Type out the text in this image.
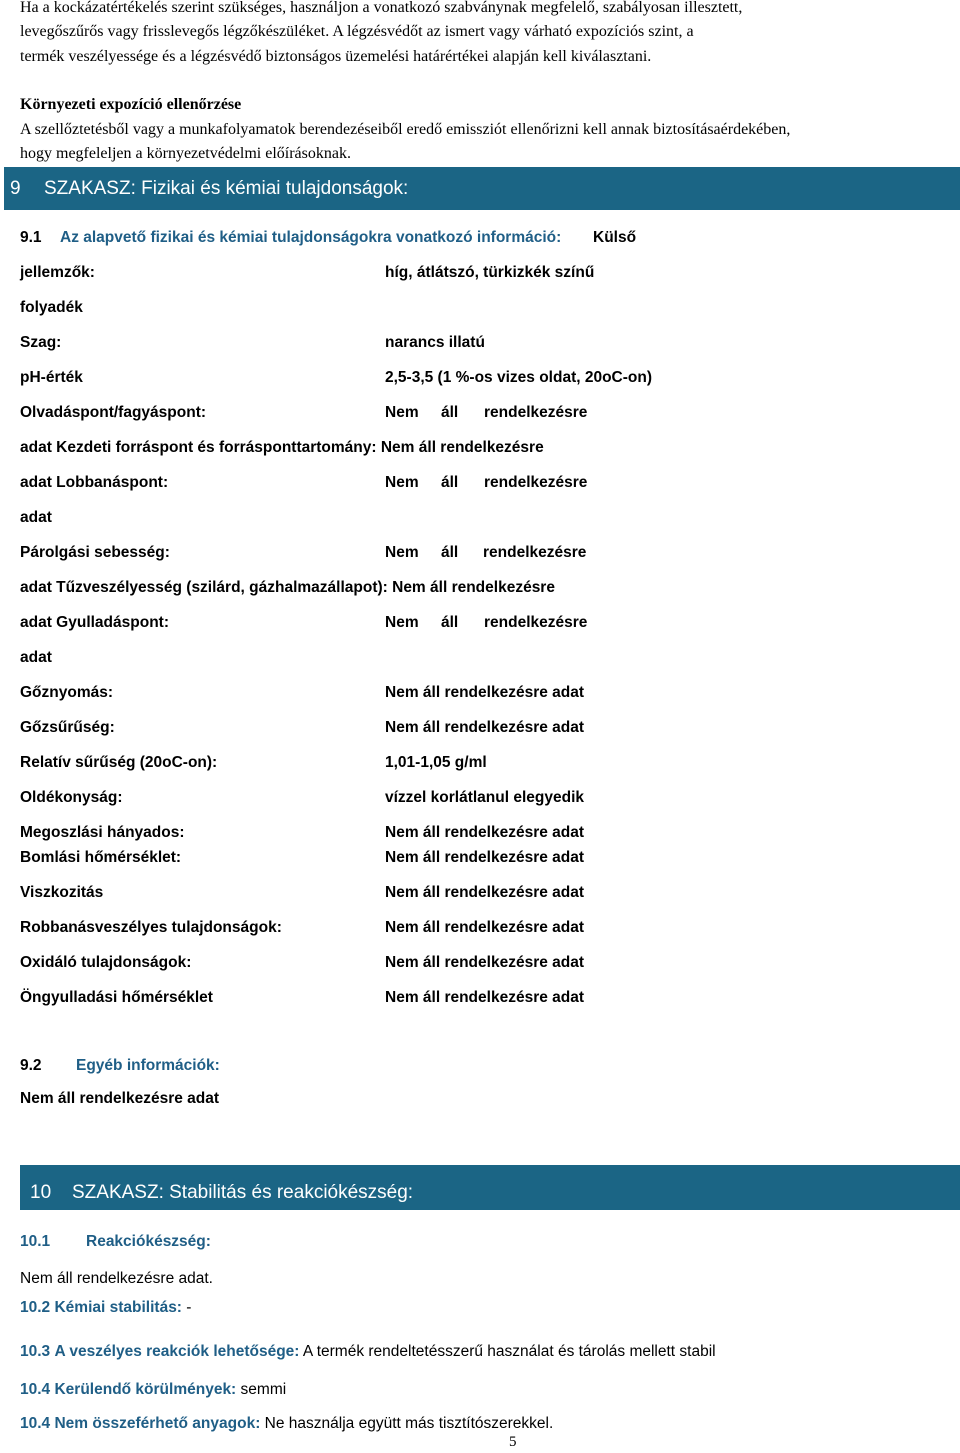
Ha a kockázatértékelés szerint szükséges, használjon a vonatkozó szabványnak megfelelő, szabályosan illesztett,
levegőszűrős vagy frisslevegős légzőkészüléket. A légzésvédőt az ismert vagy várható expozíciós szint, a
termék veszélyessége és a légzésvédő biztonságos üzemelési határértékei alapján kell kiválasztani.
Környezeti expozíció ellenőrzése
A szellőztetésből vagy a munkafolyamatok berendezéseiből eredő emissziót ellenőrizni kell annak biztosításaérdekében,
hogy megfeleljen a környezetvédelmi előírásoknak.
9 SZAKASZ: Fizikai és kémiai tulajdonságok:
9.1 Az alapvető fizikai és kémiai tulajdonságokra vonatkozó információ: Külső
jellemzők:	híg, átlátszó, türkizkék színű
folyadék
Szag:	narancs illatú
pH-érték	2,5-3,5 (1 %-os vizes oldat, 20oC-on)
Olvadáspont/fagyáspont:	Nem áll rendelkezésre
adat Kezdeti forráspont és forrásponttartomány: Nem áll rendelkezésre
adat Lobbanáspont:	Nem áll rendelkezésre
adat
Párolgási sebesség:	Nem áll rendelkezésre
adat Tűzveszélyesség (szilárd, gázhalmazállapot): Nem áll rendelkezésre
adat Gyulladáspont:	Nem áll rendelkezésre
adat
Gőznyomás:	Nem áll rendelkezésre adat
Gőzsűrűség:	Nem áll rendelkezésre adat
Relatív sűrűség (20oC-on):	1,01-1,05 g/ml
Oldékonyság:	vízzel korlátlanul elegyedik
Megoszlási hányados:	Nem áll rendelkezésre adat
Bomlási hőmérséklet:	Nem áll rendelkezésre adat
Viszkozitás	Nem áll rendelkezésre adat
Robbanásveszélyes tulajdonságok:	Nem áll rendelkezésre adat
Oxidáló tulajdonságok:	Nem áll rendelkezésre adat
Öngyulladási hőmérséklet	Nem áll rendelkezésre adat
9.2 Egyéb információk:
Nem áll rendelkezésre adat
10 SZAKASZ: Stabilitás és reakciókészség:
10.1 Reakciókészség:
Nem áll rendelkezésre adat.
10.2 Kémiai stabilitás: -
10.3 A veszélyes reakciók lehetősége: A termék rendeltetésszerű használat és tárolás mellett stabil
10.4 Kerülendő körülmények: semmi
10.4 Nem összeférhető anyagok: Ne használja együtt más tisztítószerekkel.
5
